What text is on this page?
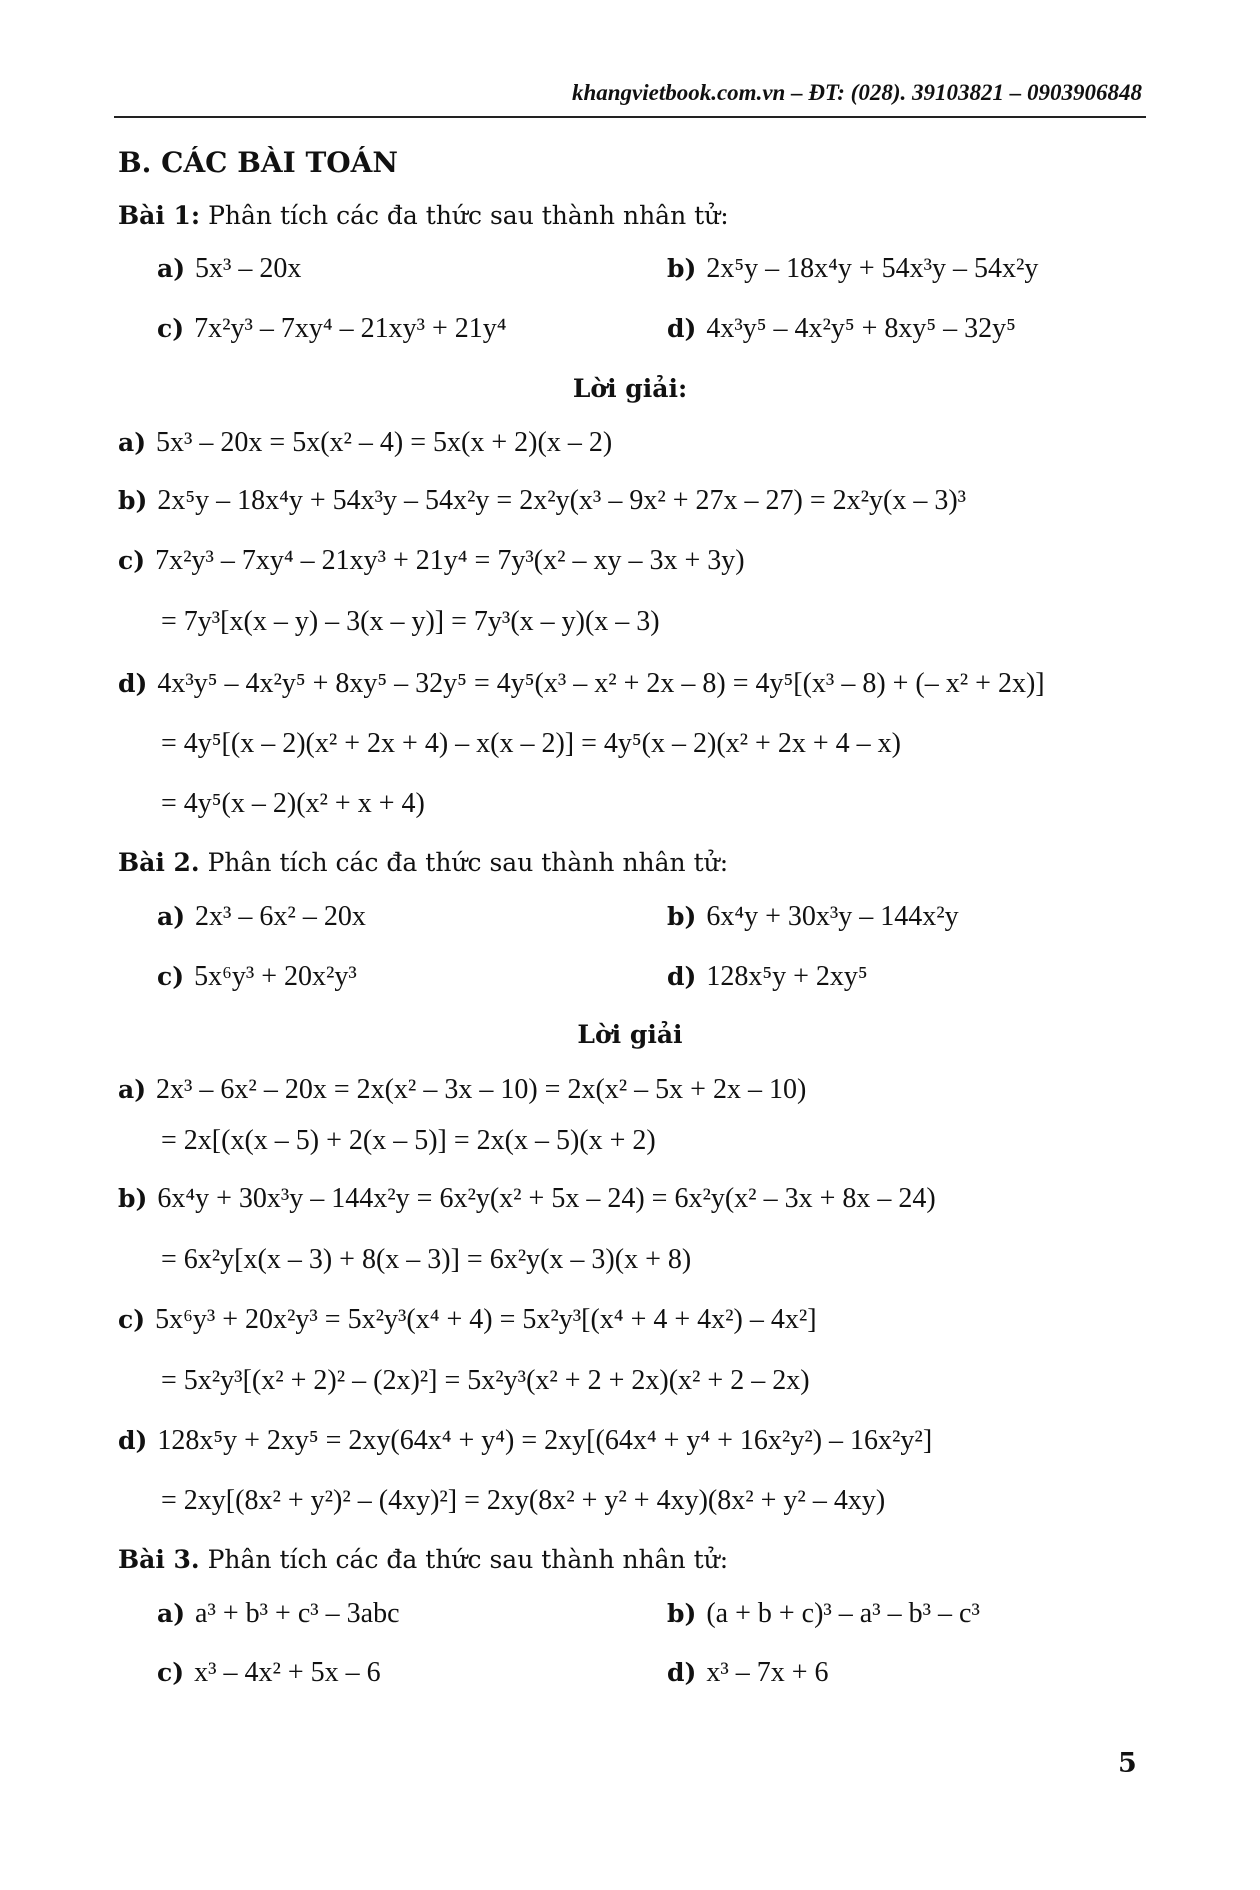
khangvietbook.com.vn – ĐT: (028). 39103821 – 0903906848
B. CÁC BÀI TOÁN
Bài 1: Phân tích các đa thức sau thành nhân tử:
a) 5x³ – 20x	b) 2x⁵y – 18x⁴y + 54x³y – 54x²y
c) 7x²y³ – 7xy⁴ – 21xy³ + 21y⁴	d) 4x³y⁵ – 4x²y⁵ + 8xy⁵ – 32y⁵
Lời giải:
a) 5x³ – 20x = 5x(x² – 4) = 5x(x + 2)(x – 2)
b) 2x⁵y – 18x⁴y + 54x³y – 54x²y = 2x²y(x³ – 9x² + 27x – 27) = 2x²y(x – 3)³
c) 7x²y³ – 7xy⁴ – 21xy³ + 21y⁴ = 7y³(x² – xy – 3x + 3y)
= 7y³[x(x – y) – 3(x – y)] = 7y³(x – y)(x – 3)
d) 4x³y⁵ – 4x²y⁵ + 8xy⁵ – 32y⁵ = 4y⁵(x³ – x² + 2x – 8) = 4y⁵[(x³ – 8) + (– x² + 2x)]
= 4y⁵[(x – 2)(x² + 2x + 4) – x(x – 2)] = 4y⁵(x – 2)(x² + 2x + 4 – x)
= 4y⁵(x – 2)(x² + x + 4)
Bài 2. Phân tích các đa thức sau thành nhân tử:
a) 2x³ – 6x² – 20x	b) 6x⁴y + 30x³y – 144x²y
c) 5x⁶y³ + 20x²y³	d) 128x⁵y + 2xy⁵
Lời giải
a) 2x³ – 6x² – 20x = 2x(x² – 3x – 10) = 2x(x² – 5x + 2x – 10)
= 2x[(x(x – 5) + 2(x – 5)] = 2x(x – 5)(x + 2)
b) 6x⁴y + 30x³y – 144x²y = 6x²y(x² + 5x – 24) = 6x²y(x² – 3x + 8x – 24)
= 6x²y[x(x – 3) + 8(x – 3)] = 6x²y(x – 3)(x + 8)
c) 5x⁶y³ + 20x²y³ = 5x²y³(x⁴ + 4) = 5x²y³[(x⁴ + 4 + 4x²) – 4x²]
= 5x²y³[(x² + 2)² – (2x)²] = 5x²y³(x² + 2 + 2x)(x² + 2 – 2x)
d) 128x⁵y + 2xy⁵ = 2xy(64x⁴ + y⁴) = 2xy[(64x⁴ + y⁴ + 16x²y²) – 16x²y²]
= 2xy[(8x² + y²)² – (4xy)²] = 2xy(8x² + y² + 4xy)(8x² + y² – 4xy)
Bài 3. Phân tích các đa thức sau thành nhân tử:
a) a³ + b³ + c³ – 3abc	b) (a + b + c)³ – a³ – b³ – c³
c) x³ – 4x² + 5x – 6	d) x³ – 7x + 6
5
